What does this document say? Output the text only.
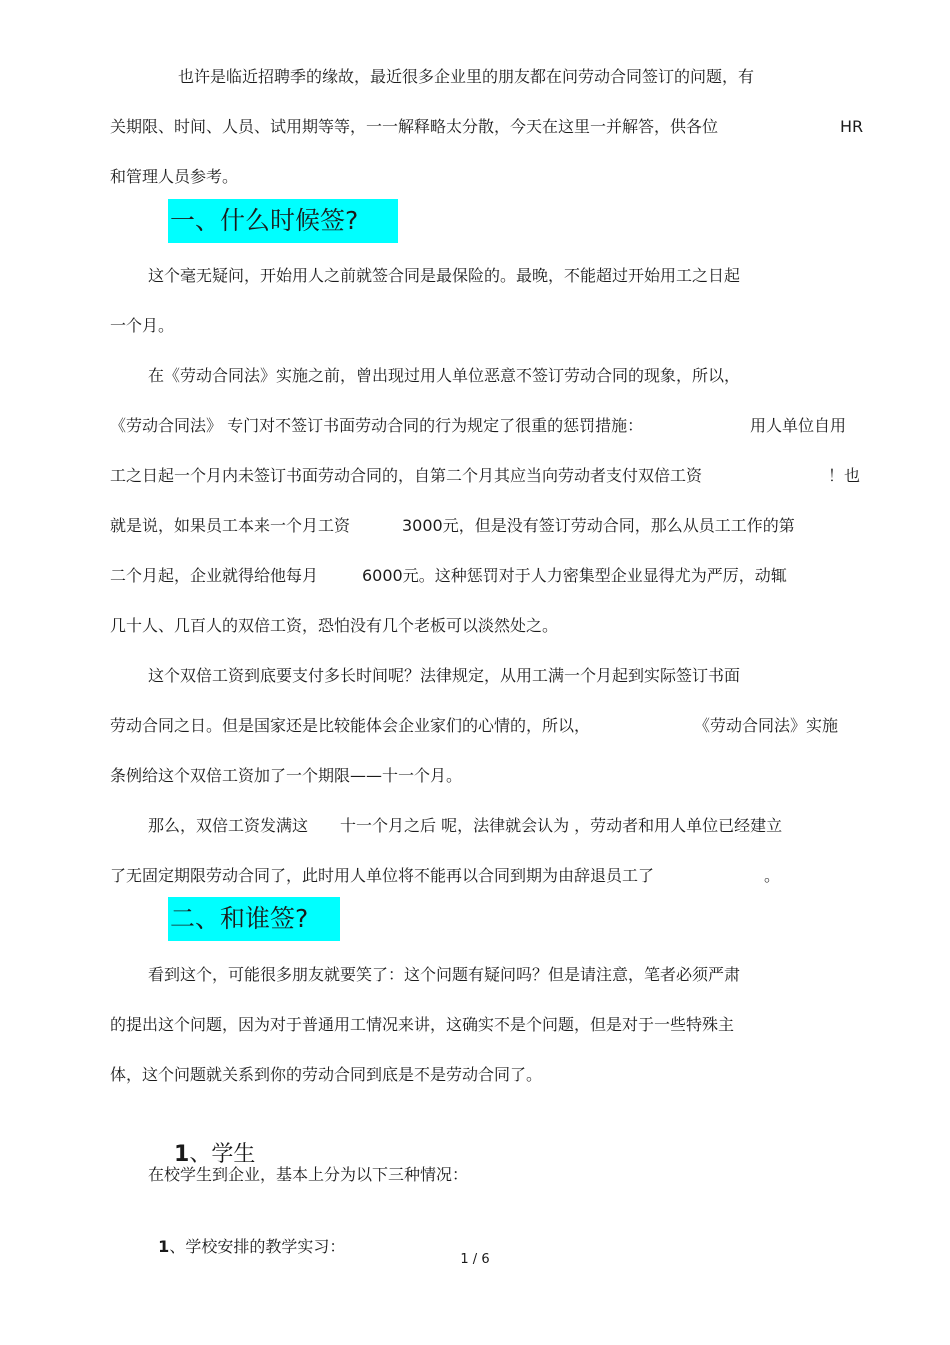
也许是临近招聘季的缘故，最近很多企业里的朋友都在问劳动合同签订的问题，有
关期限、时间、人员、试用期等等，一一解释略太分散，今天在这里一并解答，供各位	HR
和管理人员参考。
一、什么时候签?
这个毫无疑问，开始用人之前就签合同是最保险的。最晚，不能超过开始用工之日起
一个月。
在《劳动合同法》实施之前，曾出现过用人单位恶意不签订劳动合同的现象，所以，
《劳动合同法》 专门对不签订书面劳动合同的行为规定了很重的惩罚措施：	用人单位自用
工之日起一个月内未签订书面劳动合同的，自第二个月其应当向劳动者支付双倍工资	！也
就是说，如果员工本来一个月工资	3000元，但是没有签订劳动合同，那么从员工工作的第
二个月起，企业就得给他每月	6000元。这种惩罚对于人力密集型企业显得尤为严厉，动辄
几十人、几百人的双倍工资，恐怕没有几个老板可以淡然处之。
这个双倍工资到底要支付多长时间呢？法律规定，从用工满一个月起到实际签订书面
劳动合同之日。但是国家还是比较能体会企业家们的心情的，所以，	《劳动合同法》实施
条例给这个双倍工资加了一个期限——十一个月。
那么，双倍工资发满这 十一个月之后 呢，法律就会认为 ，劳动者和用人单位已经建立
了无固定期限劳动合同了，此时用人单位将不能再以合同到期为由辞退员工了	。
二、和谁签?
看到这个，可能很多朋友就要笑了：这个问题有疑问吗？但是请注意，笔者必须严肃
的提出这个问题，因为对于普通用工情况来讲，这确实不是个问题，但是对于一些特殊主
体，这个问题就关系到你的劳动合同到底是不是劳动合同了。

1、学生

在校学生到企业，基本上分为以下三种情况：

1、学校安排的教学实习：

1 / 6
